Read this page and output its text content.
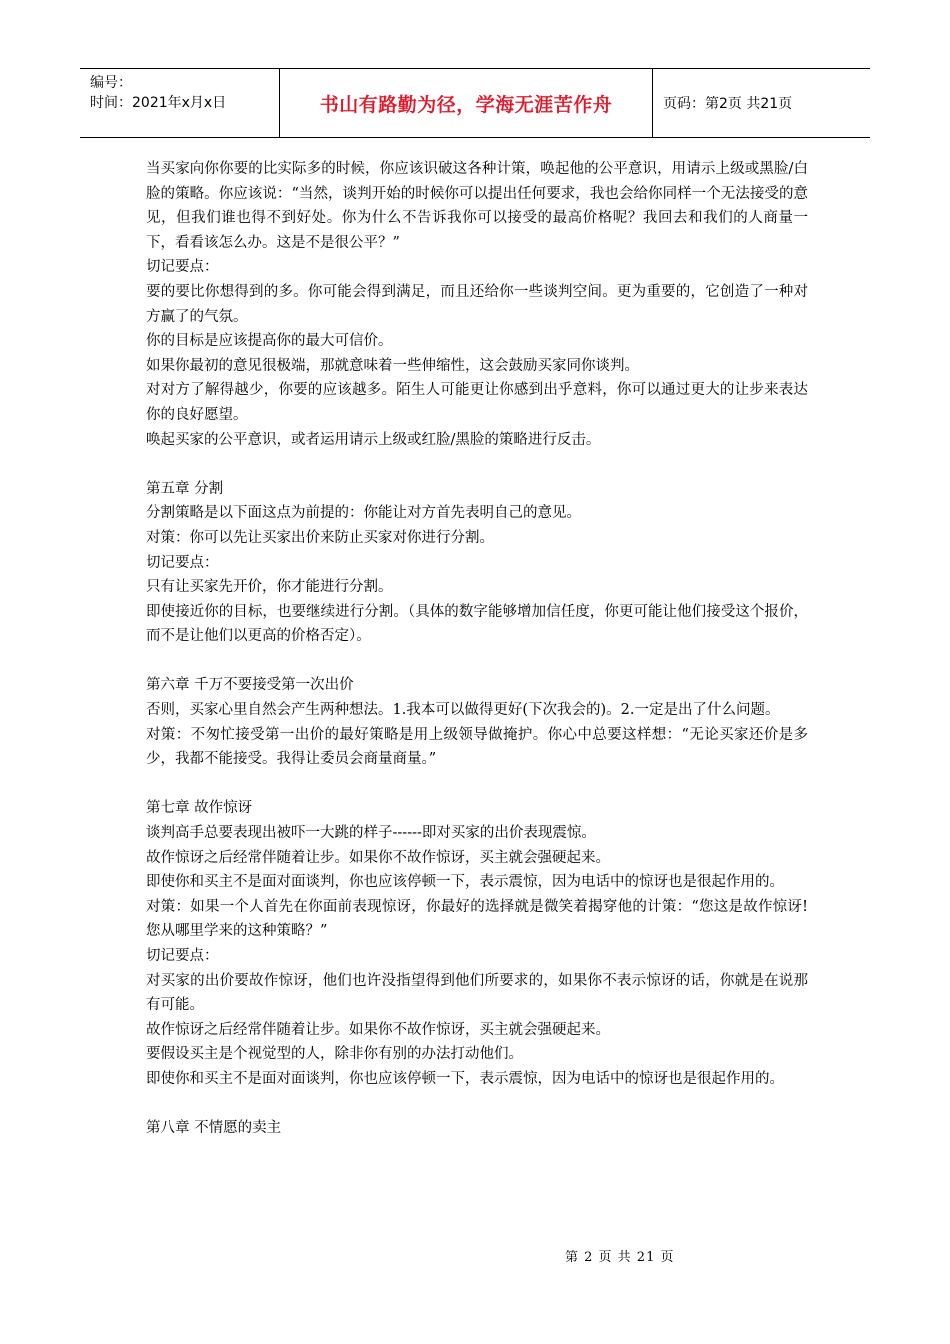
编号：
时间：2021年x月x日	书山有路勤为径，学海无涯苦作舟	页码：第2页 共21页

当买家向你你要的比实际多的时候，你应该识破这各种计策，唤起他的公平意识，用请示上级或黑脸/白脸的策略。你应该说：“当然，谈判开始的时候你可以提出任何要求，我也会给你同样一个无法接受的意见，但我们谁也得不到好处。你为什么不告诉我你可以接受的最高价格呢？我回去和我们的人商量一下，看看该怎么办。这是不是很公平？”

切记要点：

要的要比你想得到的多。你可能会得到满足，而且还给你一些谈判空间。更为重要的，它创造了一种对方赢了的气氛。

你的目标是应该提高你的最大可信价。

如果你最初的意见很极端，那就意味着一些伸缩性，这会鼓励买家同你谈判。

对对方了解得越少，你要的应该越多。陌生人可能更让你感到出乎意料，你可以通过更大的让步来表达你的良好愿望。

唤起买家的公平意识，或者运用请示上级或红脸/黑脸的策略进行反击。

第五章 分割

分割策略是以下面这点为前提的：你能让对方首先表明自己的意见。

对策：你可以先让买家出价来防止买家对你进行分割。

切记要点：

只有让买家先开价，你才能进行分割。

即使接近你的目标，也要继续进行分割。（具体的数字能够增加信任度，你更可能让他们接受这个报价，而不是让他们以更高的价格否定）。

第六章 千万不要接受第一次出价

否则，买家心里自然会产生两种想法。1.我本可以做得更好(下次我会的)。2.一定是出了什么问题。

对策：不匆忙接受第一出价的最好策略是用上级领导做掩护。你心中总要这样想：“无论买家还价是多少，我都不能接受。我得让委员会商量商量。”

第七章 故作惊讶

谈判高手总要表现出被吓一大跳的样子------即对买家的出价表现震惊。

故作惊讶之后经常伴随着让步。如果你不故作惊讶，买主就会强硬起来。

即使你和买主不是面对面谈判，你也应该停顿一下，表示震惊，因为电话中的惊讶也是很起作用的。

对策：如果一个人首先在你面前表现惊讶，你最好的选择就是微笑着揭穿他的计策：“您这是故作惊讶!您从哪里学来的这种策略？”

切记要点：

对买家的出价要故作惊讶，他们也许没指望得到他们所要求的，如果你不表示惊讶的话，你就是在说那有可能。

故作惊讶之后经常伴随着让步。如果你不故作惊讶，买主就会强硬起来。

要假设买主是个视觉型的人，除非你有别的办法打动他们。

即使你和买主不是面对面谈判，你也应该停顿一下，表示震惊，因为电话中的惊讶也是很起作用的。

第八章 不情愿的卖主

第 2 页 共 21 页
